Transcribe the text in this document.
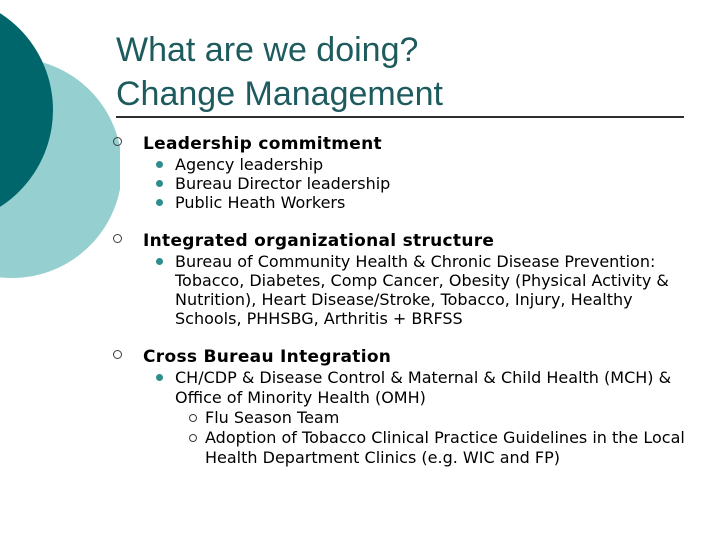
What are we doing?
Change Management
Leadership commitment
Agency leadership
Bureau Director leadership
Public Heath Workers
Integrated organizational structure
Bureau of Community Health & Chronic Disease Prevention: Tobacco, Diabetes, Comp Cancer, Obesity (Physical Activity & Nutrition), Heart Disease/Stroke, Tobacco, Injury, Healthy Schools, PHHSBG, Arthritis + BRFSS
Cross Bureau Integration
CH/CDP & Disease Control & Maternal & Child Health (MCH) & Office of Minority Health (OMH)
Flu Season Team
Adoption of Tobacco Clinical Practice Guidelines in the Local Health Department Clinics (e.g. WIC and FP)
